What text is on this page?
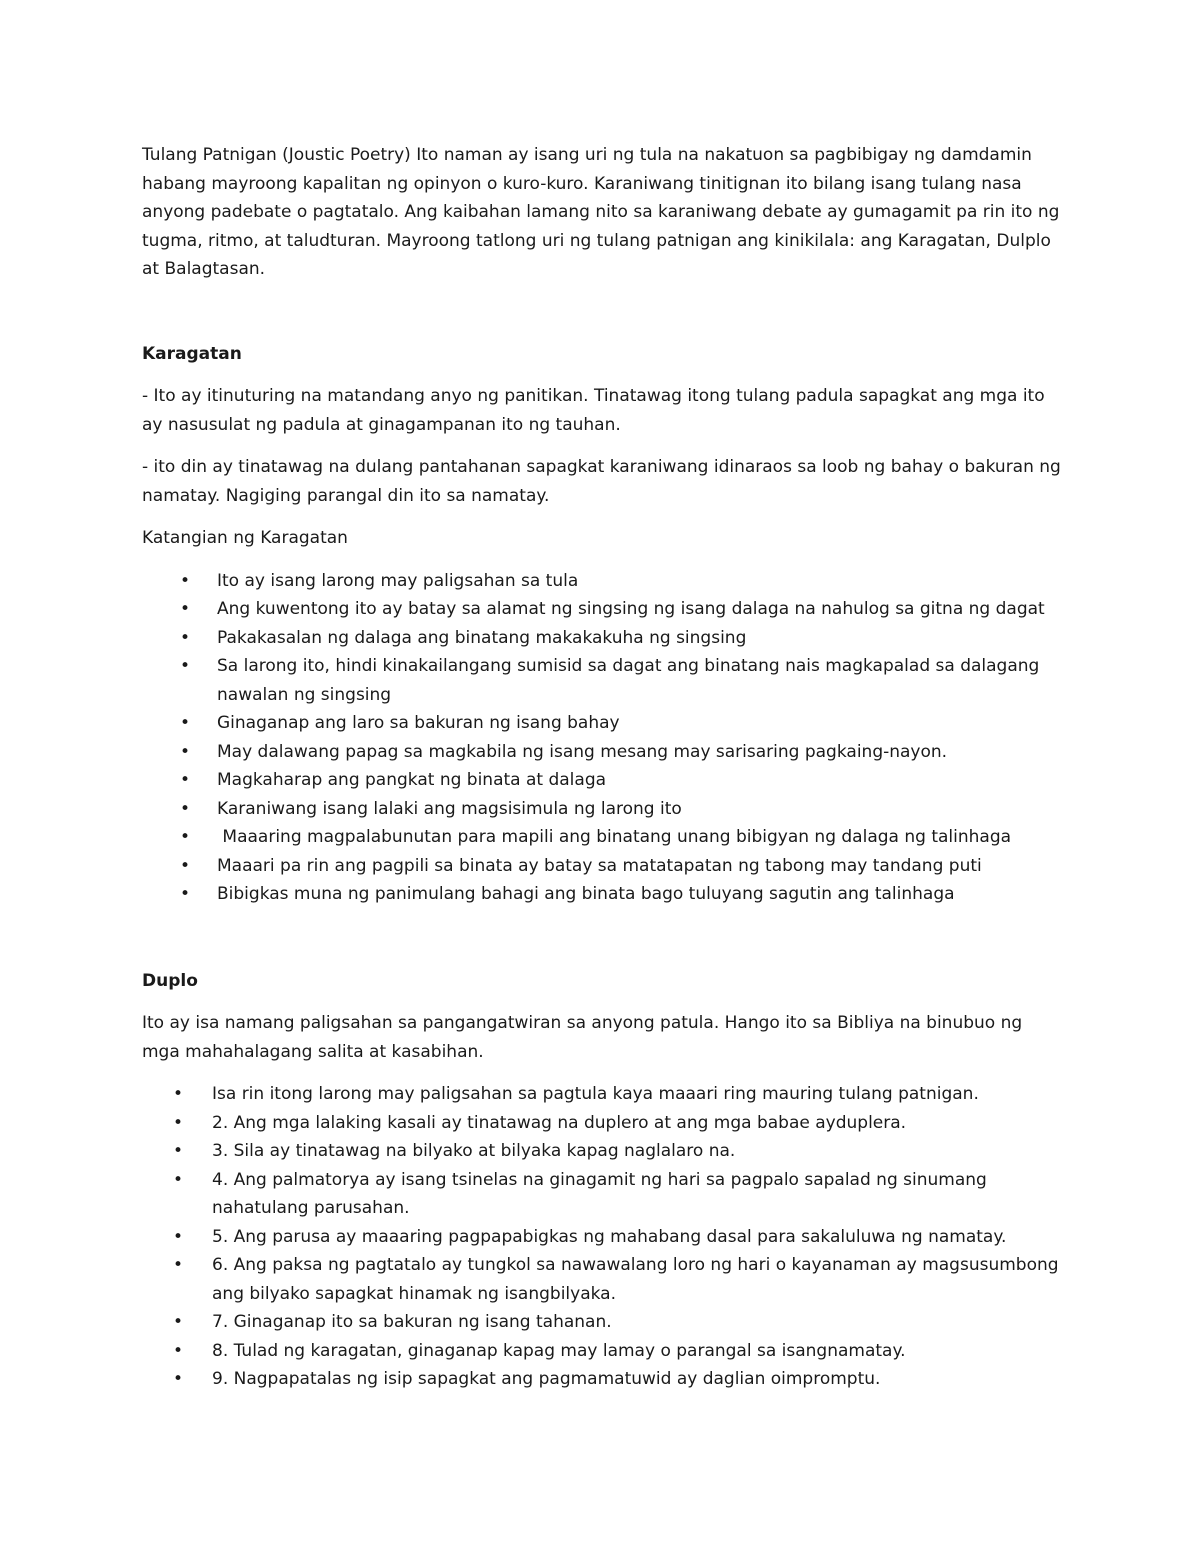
Tulang Patnigan (Joustic Poetry) Ito naman ay isang uri ng tula na nakatuon sa pagbibigay ng damdamin habang mayroong kapalitan ng opinyon o kuro-kuro. Karaniwang tinitignan ito bilang isang tulang nasa anyong padebate o pagtatalo. Ang kaibahan lamang nito sa karaniwang debate ay gumagamit pa rin ito ng tugma, ritmo, at taludturan. Mayroong tatlong uri ng tulang patnigan ang kinikilala: ang Karagatan, Dulplo at Balagtasan.

Karagatan

- Ito ay itinuturing na matandang anyo ng panitikan. Tinatawag itong tulang padula sapagkat ang mga ito ay nasusulat ng padula at ginagampanan ito ng tauhan.

- ito din ay tinatawag na dulang pantahanan sapagkat karaniwang idinaraos sa loob ng bahay o bakuran ng namatay. Nagiging parangal din ito sa namatay.

Katangian ng Karagatan

• Ito ay isang larong may paligsahan sa tula
• Ang kuwentong ito ay batay sa alamat ng singsing ng isang dalaga na nahulog sa gitna ng dagat
• Pakakasalan ng dalaga ang binatang makakakuha ng singsing
• Sa larong ito, hindi kinakailangang sumisid sa dagat ang binatang nais magkapalad sa dalagang nawalan ng singsing
• Ginaganap ang laro sa bakuran ng isang bahay
• May dalawang papag sa magkabila ng isang mesang may sarisaring pagkaing-nayon.
• Magkaharap ang pangkat ng binata at dalaga
• Karaniwang isang lalaki ang magsisimula ng larong ito
• Maaaring magpalabunutan para mapili ang binatang unang bibigyan ng dalaga ng talinhaga
• Maaari pa rin ang pagpili sa binata ay batay sa matatapatan ng tabong may tandang puti
• Bibigkas muna ng panimulang bahagi ang binata bago tuluyang sagutin ang talinhaga

Duplo

Ito ay isa namang paligsahan sa pangangatwiran sa anyong patula. Hango ito sa Bibliya na binubuo ng mga mahahalagang salita at kasabihan.

• Isa rin itong larong may paligsahan sa pagtula kaya maaari ring mauring tulang patnigan.
• 2. Ang mga lalaking kasali ay tinatawag na duplero at ang mga babae ayduplera.
• 3. Sila ay tinatawag na bilyako at bilyaka kapag naglalaro na.
• 4. Ang palmatorya ay isang tsinelas na ginagamit ng hari sa pagpalo sapalad ng sinumang nahatulang parusahan.
• 5. Ang parusa ay maaaring pagpapabigkas ng mahabang dasal para sakaluluwa ng namatay.
• 6. Ang paksa ng pagtatalo ay tungkol sa nawawalang loro ng hari o kayanaman ay magsusumbong ang bilyako sapagkat hinamak ng isangbilyaka.
• 7. Ginaganap ito sa bakuran ng isang tahanan.
• 8. Tulad ng karagatan, ginaganap kapag may lamay o parangal sa isangnamatay.
• 9. Nagpapatalas ng isip sapagkat ang pagmamatuwid ay daglian oimpromptu.
